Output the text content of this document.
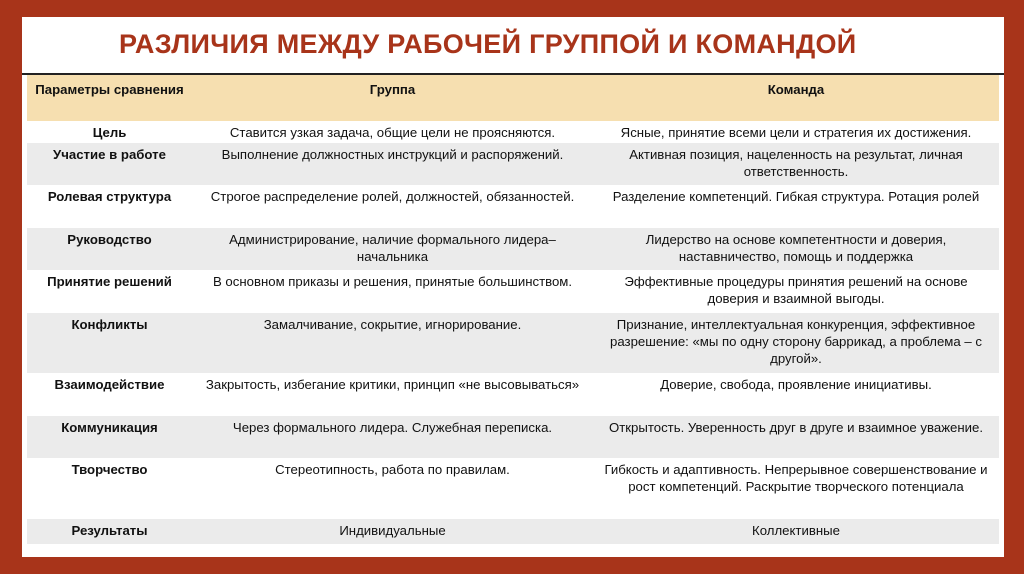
РАЗЛИЧИЯ МЕЖДУ РАБОЧЕЙ ГРУППОЙ И КОМАНДОЙ
Параметры сравнения	Группа	Команда
Цель	Ставится узкая задача, общие цели не проясняются.	Ясные, принятие всеми цели и стратегия их достижения.
Участие в работе	Выполнение должностных инструкций и распоряжений.	Активная позиция, нацеленность на результат, личная ответственность.
Ролевая структура	Строгое распределение ролей, должностей, обязанностей.	Разделение компетенций. Гибкая структура. Ротация ролей
Руководство	Администрирование, наличие формального лидера–начальника	Лидерство на основе компетентности и доверия, наставничество, помощь и поддержка
Принятие решений	В основном приказы и решения, принятые большинством.	Эффективные процедуры принятия решений на основе доверия и взаимной выгоды.
Конфликты	Замалчивание, сокрытие, игнорирование.	Признание, интеллектуальная конкуренция, эффективное разрешение: «мы по одну сторону баррикад, а проблема – с другой».
Взаимодействие	Закрытость, избегание критики, принцип «не высовываться»	Доверие, свобода, проявление инициативы.
Коммуникация	Через формального лидера. Служебная переписка.	Открытость. Уверенность друг в друге и взаимное уважение.
Творчество	Стереотипность, работа по правилам.	Гибкость и адаптивность. Непрерывное совершенствование и рост компетенций. Раскрытие творческого потенциала
Результаты	Индивидуальные	Коллективные
